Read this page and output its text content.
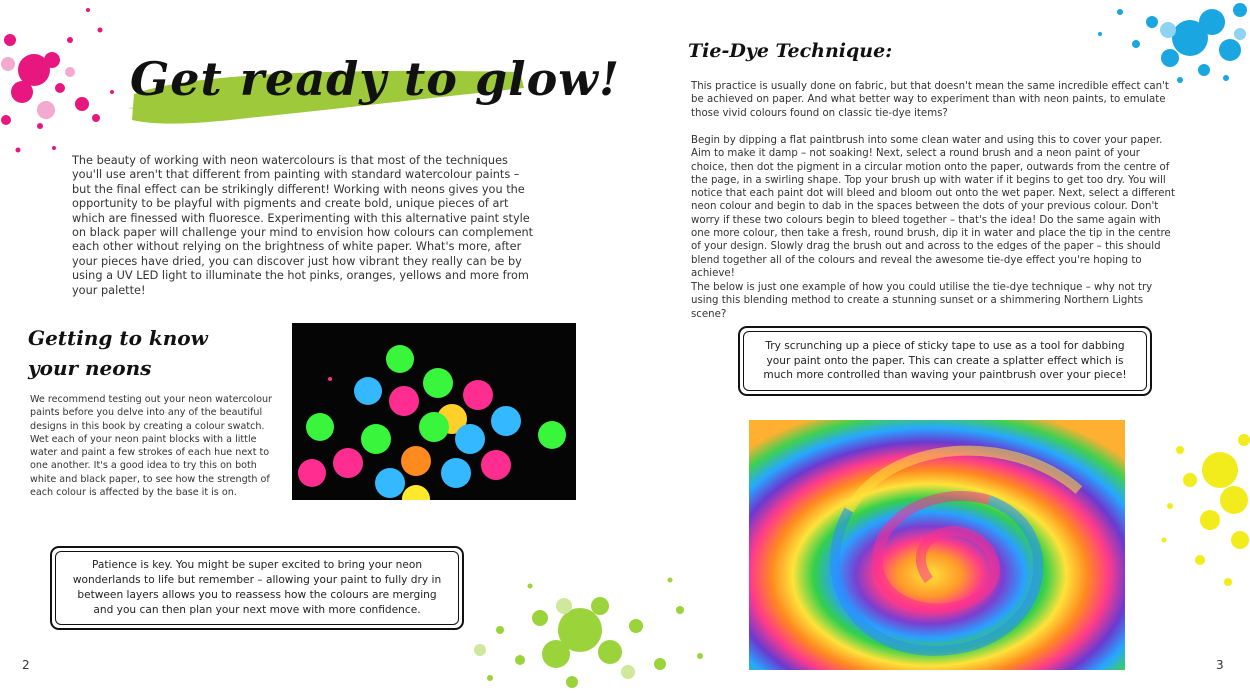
Get ready to glow!

The beauty of working with neon watercolours is that most of the techniques you'll use aren't that different from painting with standard watercolour paints – but the final effect can be strikingly different! Working with neons gives you the opportunity to be playful with pigments and create bold, unique pieces of art which are finessed with fluoresce. Experimenting with this alternative paint style on black paper will challenge your mind to envision how colours can complement each other without relying on the brightness of white paper. What's more, after your pieces have dried, you can discover just how vibrant they really can be by using a UV LED light to illuminate the hot pinks, oranges, yellows and more from your palette!

Getting to know
your neons

We recommend testing out your neon watercolour paints before you delve into any of the beautiful designs in this book by creating a colour swatch. Wet each of your neon paint blocks with a little water and paint a few strokes of each hue next to one another. It's a good idea to try this on both white and black paper, to see how the strength of each colour is affected by the base it is on.

Patience is key. You might be super excited to bring your neon wonderlands to life but remember – allowing your paint to fully dry in between layers allows you to reassess how the colours are merging and you can then plan your next move with more confidence.

2
Tie-Dye Technique:

This practice is usually done on fabric, but that doesn't mean the same incredible effect can't be achieved on paper. And what better way to experiment than with neon paints, to emulate those vivid colours found on classic tie-dye items?

Begin by dipping a flat paintbrush into some clean water and using this to cover your paper. Aim to make it damp – not soaking! Next, select a round brush and a neon paint of your choice, then dot the pigment in a circular motion onto the paper, outwards from the centre of the page, in a swirling shape. Top your brush up with water if it begins to get too dry. You will notice that each paint dot will bleed and bloom out onto the wet paper. Next, select a different neon colour and begin to dab in the spaces between the dots of your previous colour. Don't worry if these two colours begin to bleed together – that's the idea! Do the same again with one more colour, then take a fresh, round brush, dip it in water and place the tip in the centre of your design. Slowly drag the brush out and across to the edges of the paper – this should blend together all of the colours and reveal the awesome tie-dye effect you're hoping to achieve!

The below is just one example of how you could utilise the tie-dye technique – why not try using this blending method to create a stunning sunset or a shimmering Northern Lights scene?

Try scrunching up a piece of sticky tape to use as a tool for dabbing your paint onto the paper. This can create a splatter effect which is much more controlled than waving your paintbrush over your piece!

3
